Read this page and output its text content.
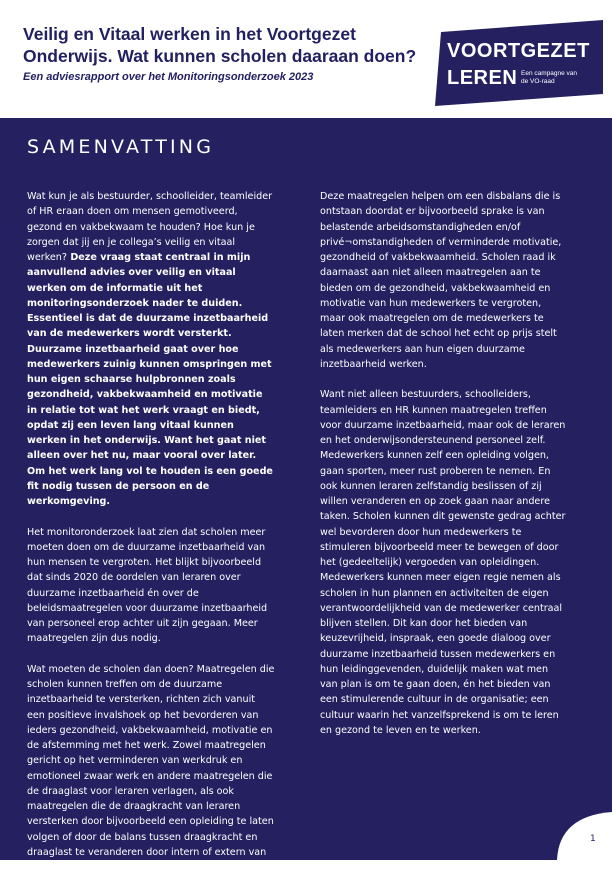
Veilig en Vitaal werken in het Voortgezet Onderwijs. Wat kunnen scholen daaraan doen?
Een adviesrapport over het Monitoringsonderzoek 2023
VOORTGEZET
LEREN Een campagne van
de VO-raad
SAMENVATTING

Wat kun je als bestuurder, schoolleider, teamleider of HR eraan doen om mensen gemotiveerd, gezond en vakbekwaam te houden? Hoe kun je zorgen dat jij en je collega’s veilig en vitaal werken? Deze vraag staat centraal in mijn aanvullend advies over veilig en vitaal werken om de informatie uit het monitoringsonderzoek nader te duiden. Essentieel is dat de duurzame inzetbaarheid van de medewerkers wordt versterkt. Duurzame inzetbaarheid gaat over hoe medewerkers zuinig kunnen omspringen met hun eigen schaarse hulpbronnen zoals gezondheid, vakbekwaamheid en motivatie in relatie tot wat het werk vraagt en biedt, opdat zij een leven lang vitaal kunnen werken in het onderwijs. Want het gaat niet alleen over het nu, maar vooral over later. Om het werk lang vol te houden is een goede fit nodig tussen de persoon en de werkomgeving.

Het monitoronderzoek laat zien dat scholen meer moeten doen om de duurzame inzetbaarheid van hun mensen te vergroten. Het blijkt bijvoorbeeld dat sinds 2020 de oordelen van leraren over duurzame inzetbaarheid én over de beleidsmaatregelen voor duurzame inzetbaarheid van personeel erop achter uit zijn gegaan. Meer maatregelen zijn dus nodig.

Wat moeten de scholen dan doen? Maatregelen die scholen kunnen treffen om de duurzame inzetbaarheid te versterken, richten zich vanuit een positieve invalshoek op het bevorderen van ieders gezondheid, vakbekwaamheid, motivatie en de afstemming met het werk. Zowel maatregelen gericht op het verminderen van werkdruk en emotioneel zwaar werk en andere maatregelen die de draaglast voor leraren verlagen, als ook maatregelen die de draagkracht van leraren versterken door bijvoorbeeld een opleiding te laten volgen of door de balans tussen draagkracht en draaglast te veranderen door intern of extern van functie te veranderen.

Deze maatregelen helpen om een disbalans die is ontstaan doordat er bijvoorbeeld sprake is van belastende arbeidsomstandigheden en/of privé¬omstandigheden of verminderde motivatie, gezondheid of vakbekwaamheid. Scholen raad ik daarnaast aan niet alleen maatregelen aan te bieden om de gezondheid, vakbekwaamheid en motivatie van hun medewerkers te vergroten, maar ook maatregelen om de medewerkers te laten merken dat de school het echt op prijs stelt als medewerkers aan hun eigen duurzame inzetbaarheid werken.

Want niet alleen bestuurders, schoolleiders, teamleiders en HR kunnen maatregelen treffen voor duurzame inzetbaarheid, maar ook de leraren en het onderwijsondersteunend personeel zelf. Medewerkers kunnen zelf een opleiding volgen, gaan sporten, meer rust proberen te nemen. En ook kunnen leraren zelfstandig beslissen of zij willen veranderen en op zoek gaan naar andere taken. Scholen kunnen dit gewenste gedrag achter wel bevorderen door hun medewerkers te stimuleren bijvoorbeeld meer te bewegen of door het (gedeeltelijk) vergoeden van opleidingen. Medewerkers kunnen meer eigen regie nemen als scholen in hun plannen en activiteiten de eigen verantwoordelijkheid van de medewerker centraal blijven stellen. Dit kan door het bieden van keuzevrijheid, inspraak, een goede dialoog over duurzame inzetbaarheid tussen medewerkers en hun leidinggevenden, duidelijk maken wat men van plan is om te gaan doen, én het bieden van een stimulerende cultuur in de organisatie; een cultuur waarin het vanzelfsprekend is om te leren en gezond te leven en te werken.

1
